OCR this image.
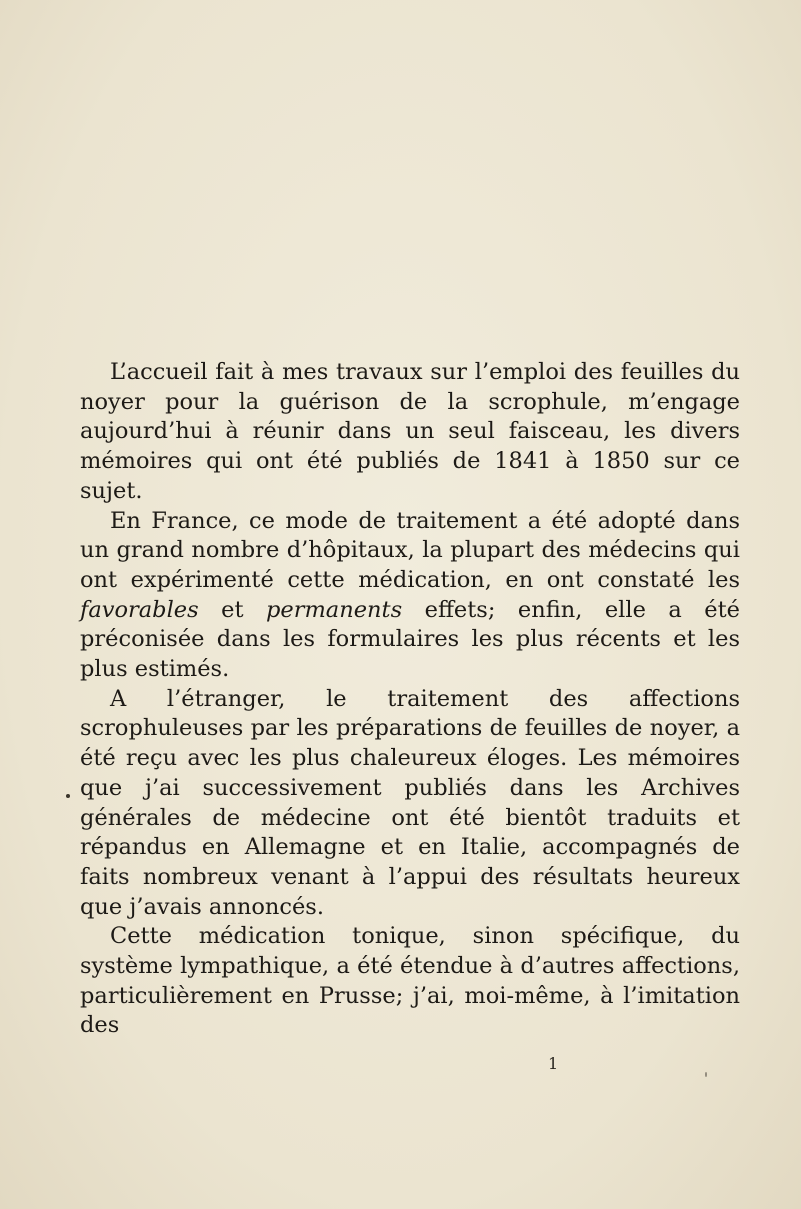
L’accueil fait à mes travaux sur l’emploi des feuilles du noyer pour la guérison de la scrophule, m’engage aujourd’hui à réunir dans un seul faisceau, les divers mémoires qui ont été publiés de 1841 à 1850 sur ce sujet.

En France, ce mode de traitement a été adopté dans un grand nombre d’hôpitaux, la plupart des médecins qui ont expérimenté cette médication, en ont constaté les favorables et permanents effets; enfin, elle a été préconisée dans les formulaires les plus récents et les plus estimés.

A l’étranger, le traitement des affections scrophuleuses par les préparations de feuilles de noyer, a été reçu avec les plus chaleureux éloges. Les mémoires que j’ai successivement publiés dans les Archives générales de médecine ont été bientôt traduits et répandus en Allemagne et en Italie, accompagnés de faits nombreux venant à l’appui des résultats heureux que j’avais annoncés.

Cette médication tonique, sinon spécifique, du système lympathique, a été étendue à d’autres affections, particulièrement en Prusse; j’ai, moi-même, à l’imitation des

1
